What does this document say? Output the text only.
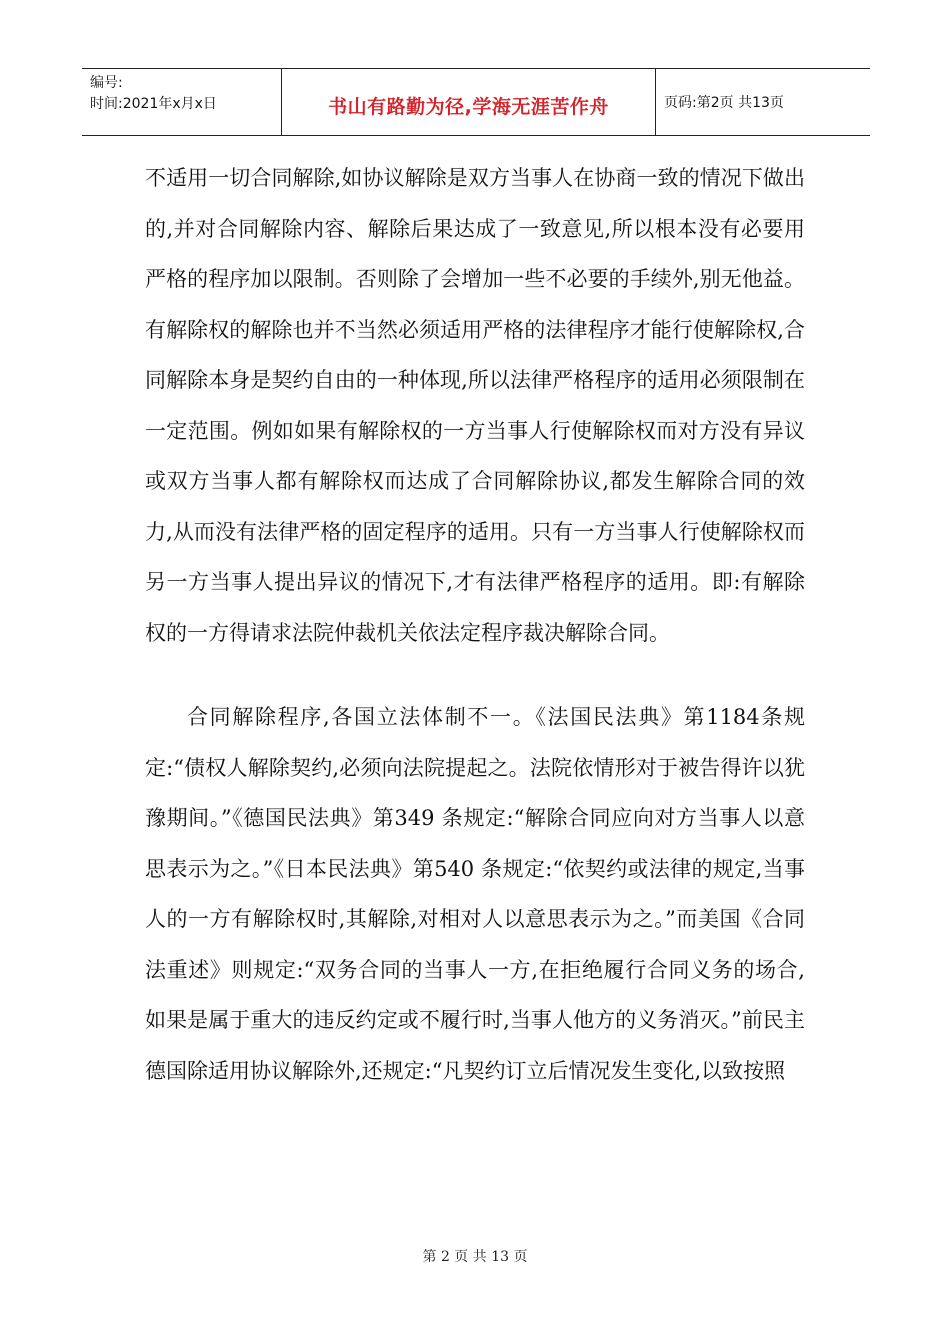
编号:
时间:2021年x月x日	书山有路勤为径,学海无涯苦作舟	页码:第2页 共13页

不适用一切合同解除,如协议解除是双方当事人在协商一致的情况下做出的,并对合同解除内容、解除后果达成了一致意见,所以根本没有必要用严格的程序加以限制。否则除了会增加一些不必要的手续外,别无他益。有解除权的解除也并不当然必须适用严格的法律程序才能行使解除权,合同解除本身是契约自由的一种体现,所以法律严格程序的适用必须限制在一定范围。例如如果有解除权的一方当事人行使解除权而对方没有异议或双方当事人都有解除权而达成了合同解除协议,都发生解除合同的效力,从而没有法律严格的固定程序的适用。只有一方当事人行使解除权而另一方当事人提出异议的情况下,才有法律严格程序的适用。即:有解除权的一方得请求法院仲裁机关依法定程序裁决解除合同。

合同解除程序,各国立法体制不一。《法国民法典》第1184条规定:“债权人解除契约,必须向法院提起之。法院依情形对于被告得许以犹豫期间。”《德国民法典》第349 条规定:“解除合同应向对方当事人以意思表示为之。”《日本民法典》第540 条规定:“依契约或法律的规定,当事人的一方有解除权时,其解除,对相对人以意思表示为之。”而美国《合同法重述》则规定:“双务合同的当事人一方,在拒绝履行合同义务的场合,如果是属于重大的违反约定或不履行时,当事人他方的义务消灭。”前民主德国除适用协议解除外,还规定:“凡契约订立后情况发生变化,以致按照

第 2 页 共 13 页
